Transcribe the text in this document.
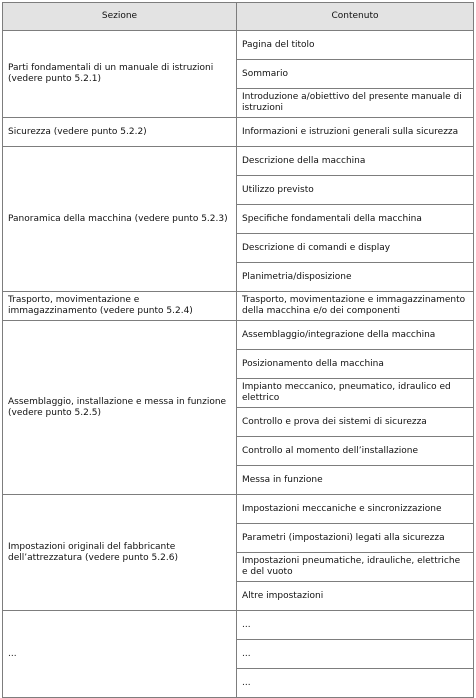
Sezione	Contenuto
Parti fondamentali di un manuale di istruzioni (vedere punto 5.2.1)	Pagina del titolo
	Sommario
	Introduzione a/obiettivo del presente manuale di istruzioni
Sicurezza (vedere punto 5.2.2)	Informazioni e istruzioni generali sulla sicurezza
Panoramica della macchina (vedere punto 5.2.3)	Descrizione della macchina
	Utilizzo previsto
	Specifiche fondamentali della macchina
	Descrizione di comandi e display
	Planimetria/disposizione
Trasporto, movimentazione e immagazzinamento (vedere punto 5.2.4)	Trasporto, movimentazione e immagazzinamento della macchina e/o dei componenti
Assemblaggio, installazione e messa in funzione (vedere punto 5.2.5)	Assemblaggio/integrazione della macchina
	Posizionamento della macchina
	Impianto meccanico, pneumatico, idraulico ed elettrico
	Controllo e prova dei sistemi di sicurezza
	Controllo al momento dell’installazione
	Messa in funzione
Impostazioni originali del fabbricante dell’attrezzatura (vedere punto 5.2.6)	Impostazioni meccaniche e sincronizzazione
	Parametri (impostazioni) legati alla sicurezza
	Impostazioni pneumatiche, idrauliche, elettriche e del vuoto
	Altre impostazioni
...	...
	...
	...
